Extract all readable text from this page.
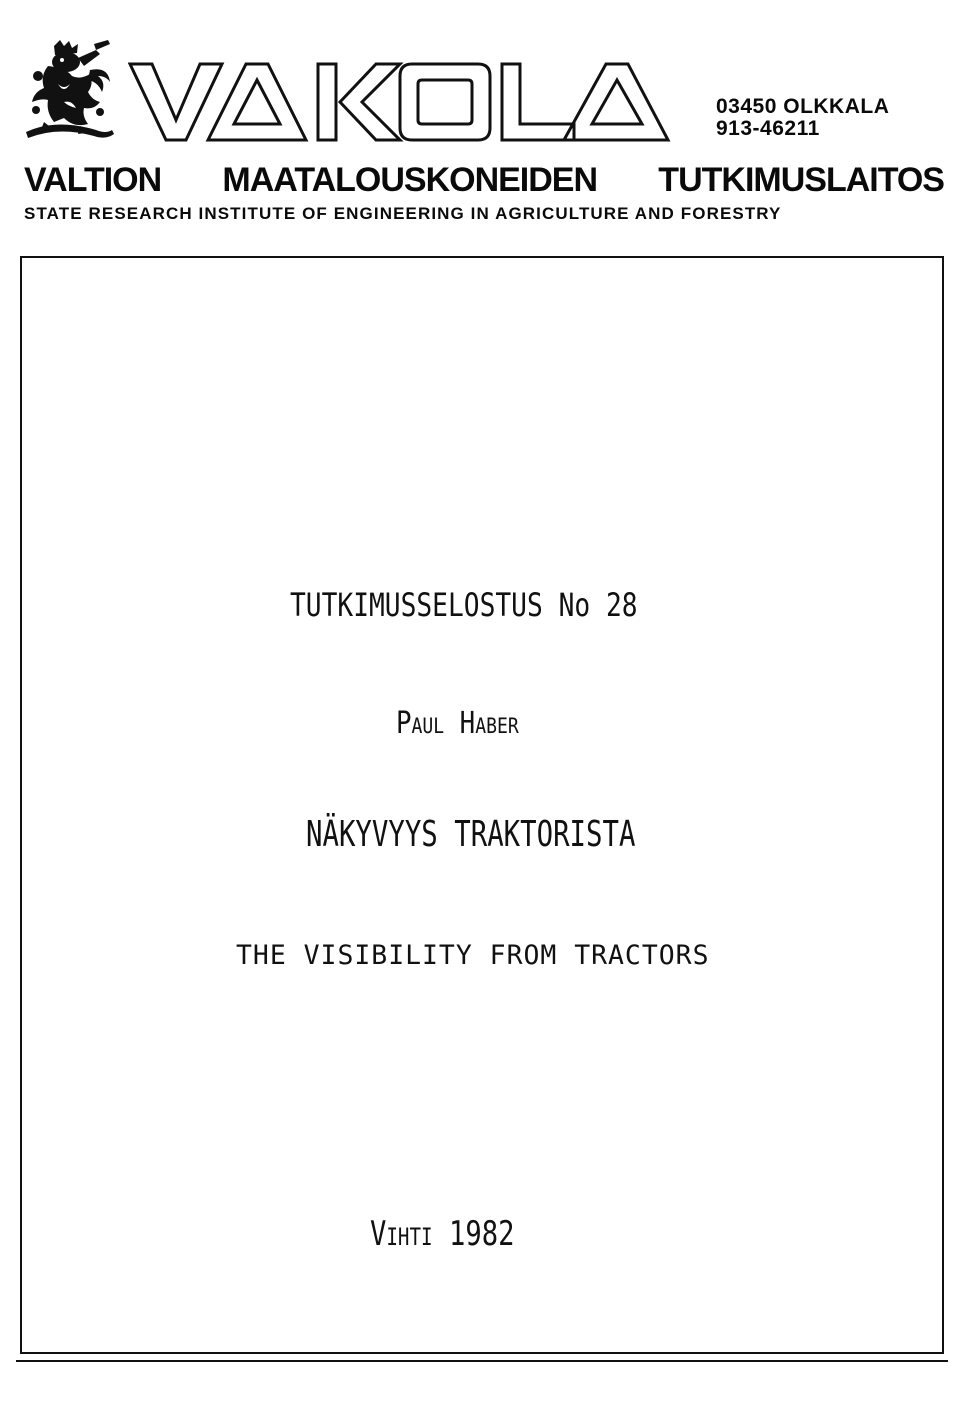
03450 OLKKALA
913-46211
VALTION MAATALOUSKONEIDEN TUTKIMUSLAITOS
STATE RESEARCH INSTITUTE OF ENGINEERING IN AGRICULTURE AND FORESTRY
TUTKIMUSSELOSTUS No 28
Paul Haber
NÄKYVYYS TRAKTORISTA
THE VISIBILITY FROM TRACTORS
Vihti 1982
